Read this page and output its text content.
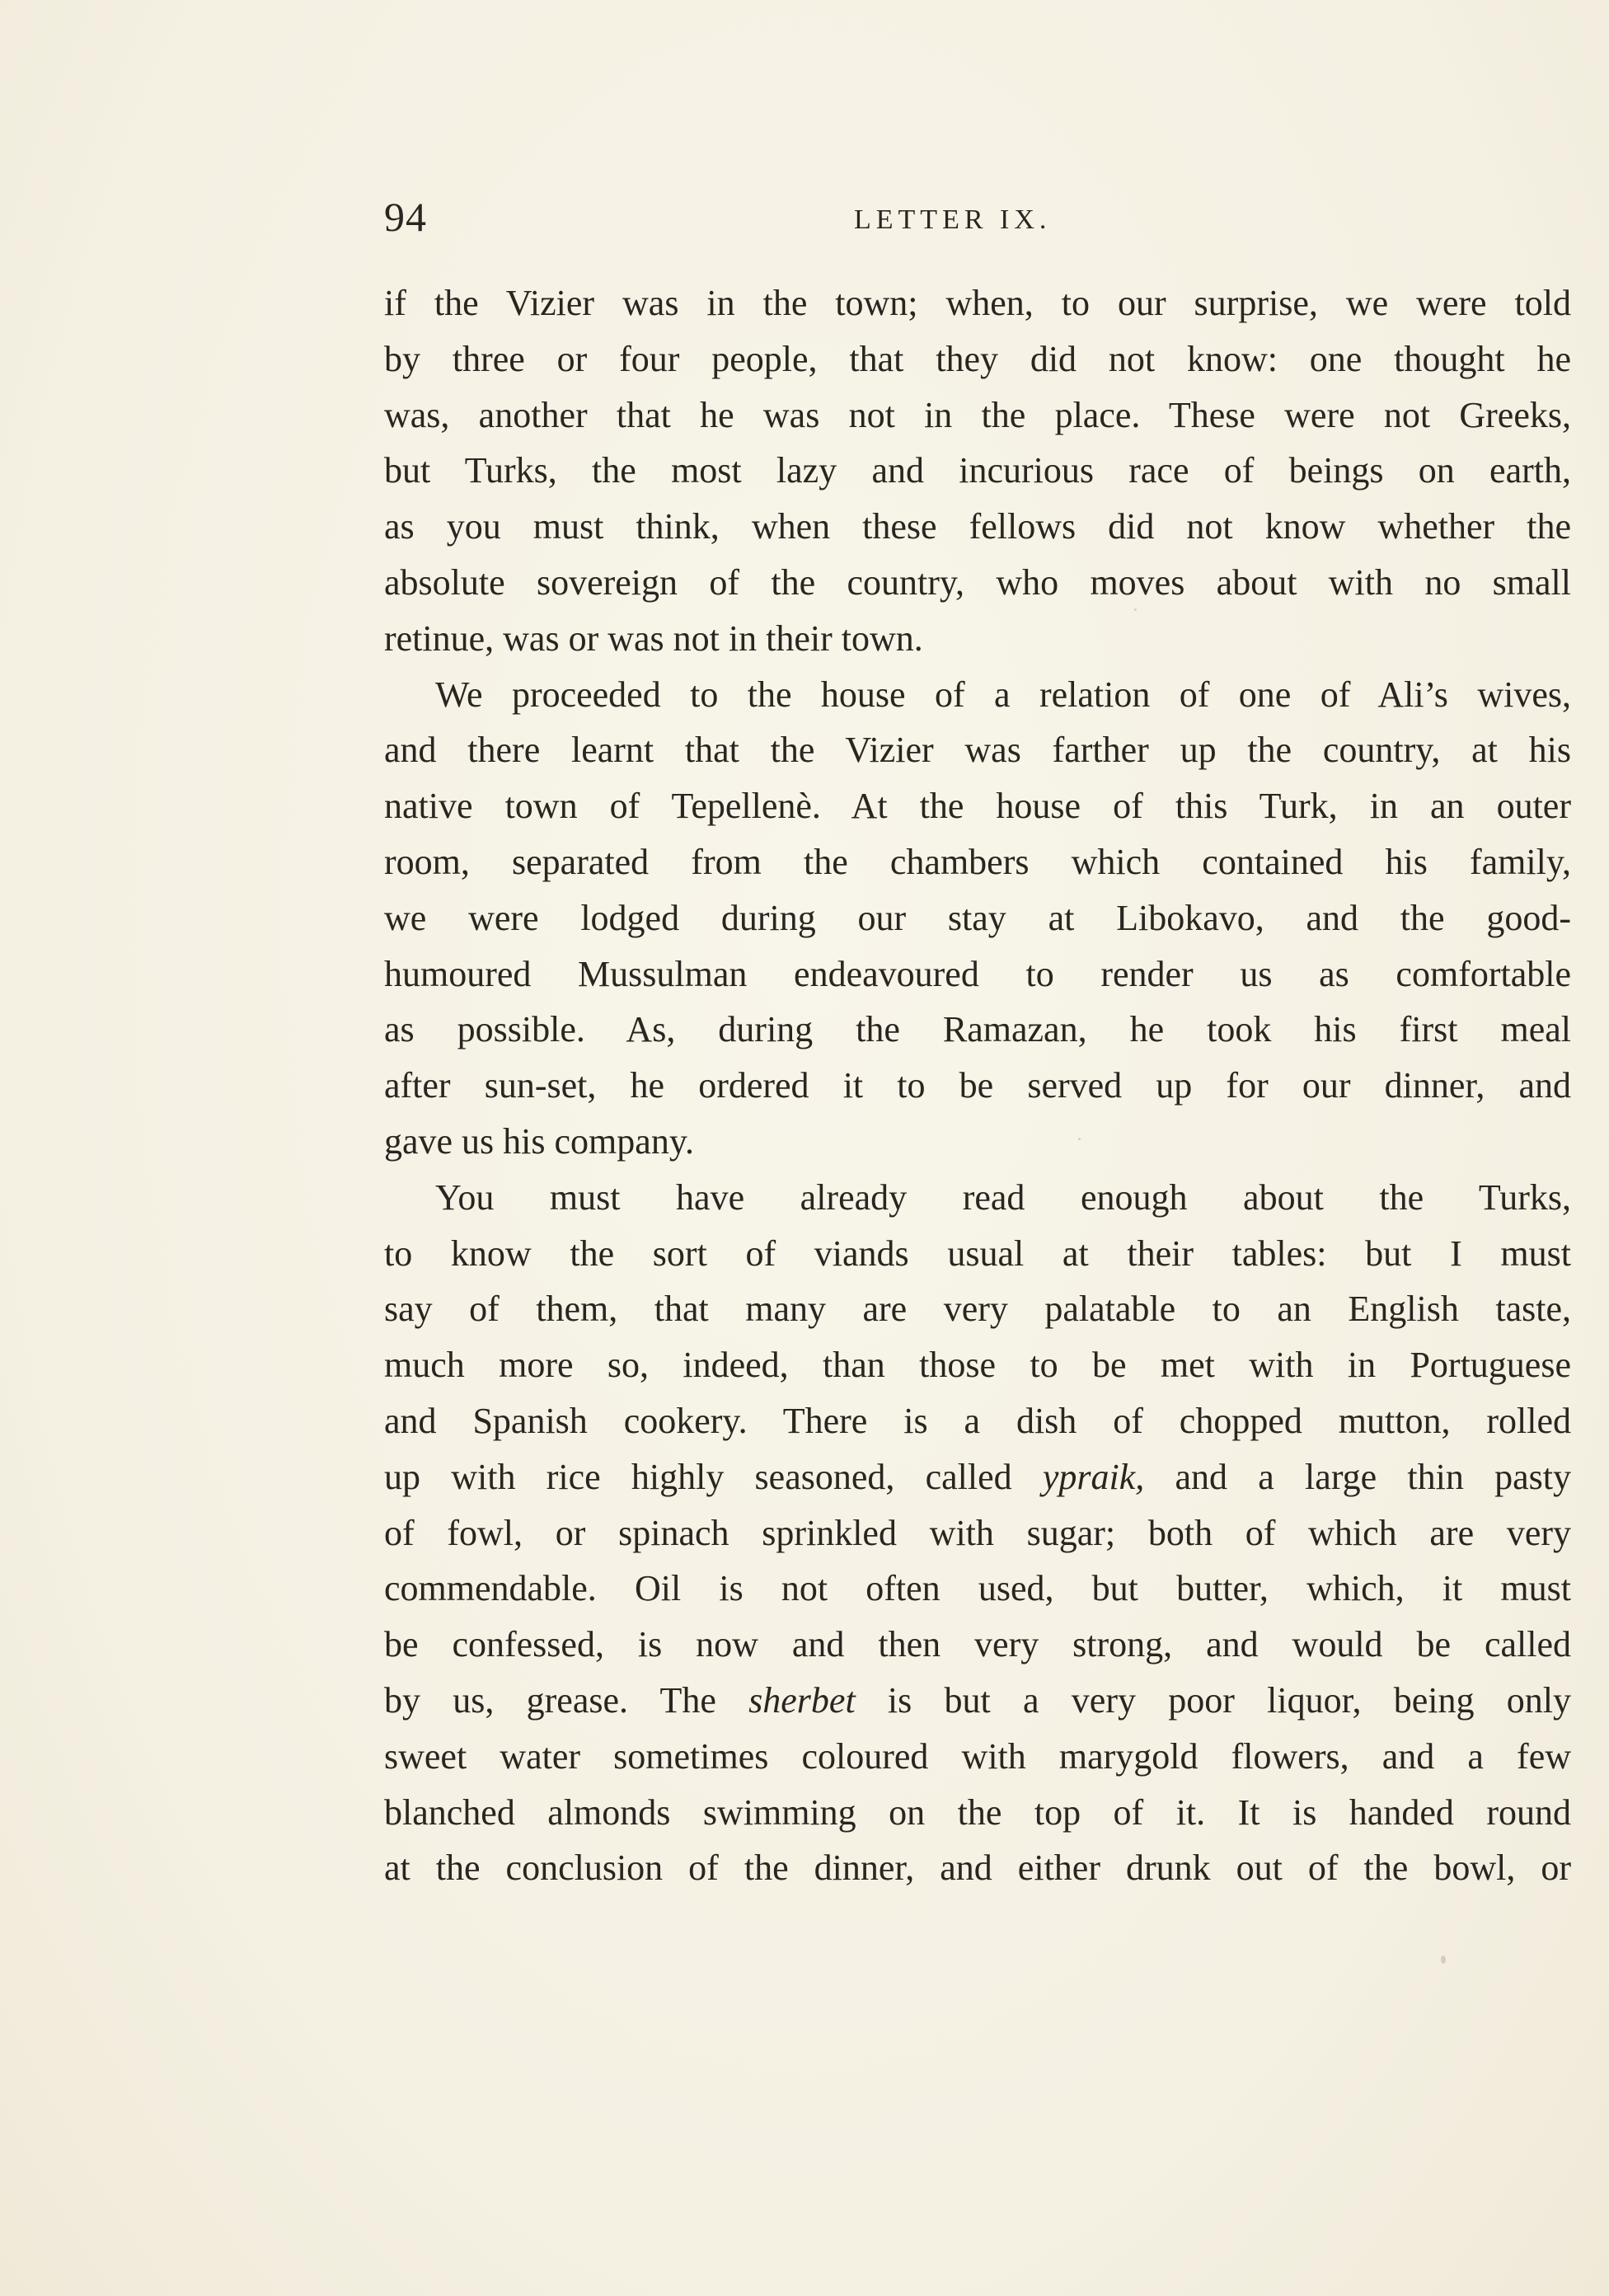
94	LETTER IX.
if the Vizier was in the town; when, to our surprise, we were told
by three or four people, that they did not know: one thought he
was, another that he was not in the place. These were not Greeks,
but Turks, the most lazy and incurious race of beings on earth,
as you must think, when these fellows did not know whether the
absolute sovereign of the country, who moves about with no small
retinue, was or was not in their town.
We proceeded to the house of a relation of one of Ali’s wives,
and there learnt that the Vizier was farther up the country, at his
native town of Tepellenè. At the house of this Turk, in an outer
room, separated from the chambers which contained his family,
we were lodged during our stay at Libokavo, and the good-
humoured Mussulman endeavoured to render us as comfortable
as possible. As, during the Ramazan, he took his first meal
after sun-set, he ordered it to be served up for our dinner, and
gave us his company.
You must have already read enough about the Turks,
to know the sort of viands usual at their tables: but I must
say of them, that many are very palatable to an English taste,
much more so, indeed, than those to be met with in Portuguese
and Spanish cookery. There is a dish of chopped mutton, rolled
up with rice highly seasoned, called ypraik, and a large thin pasty
of fowl, or spinach sprinkled with sugar; both of which are very
commendable. Oil is not often used, but butter, which, it must
be confessed, is now and then very strong, and would be called
by us, grease. The sherbet is but a very poor liquor, being only
sweet water sometimes coloured with marygold flowers, and a few
blanched almonds swimming on the top of it. It is handed round
at the conclusion of the dinner, and either drunk out of the bowl, or
